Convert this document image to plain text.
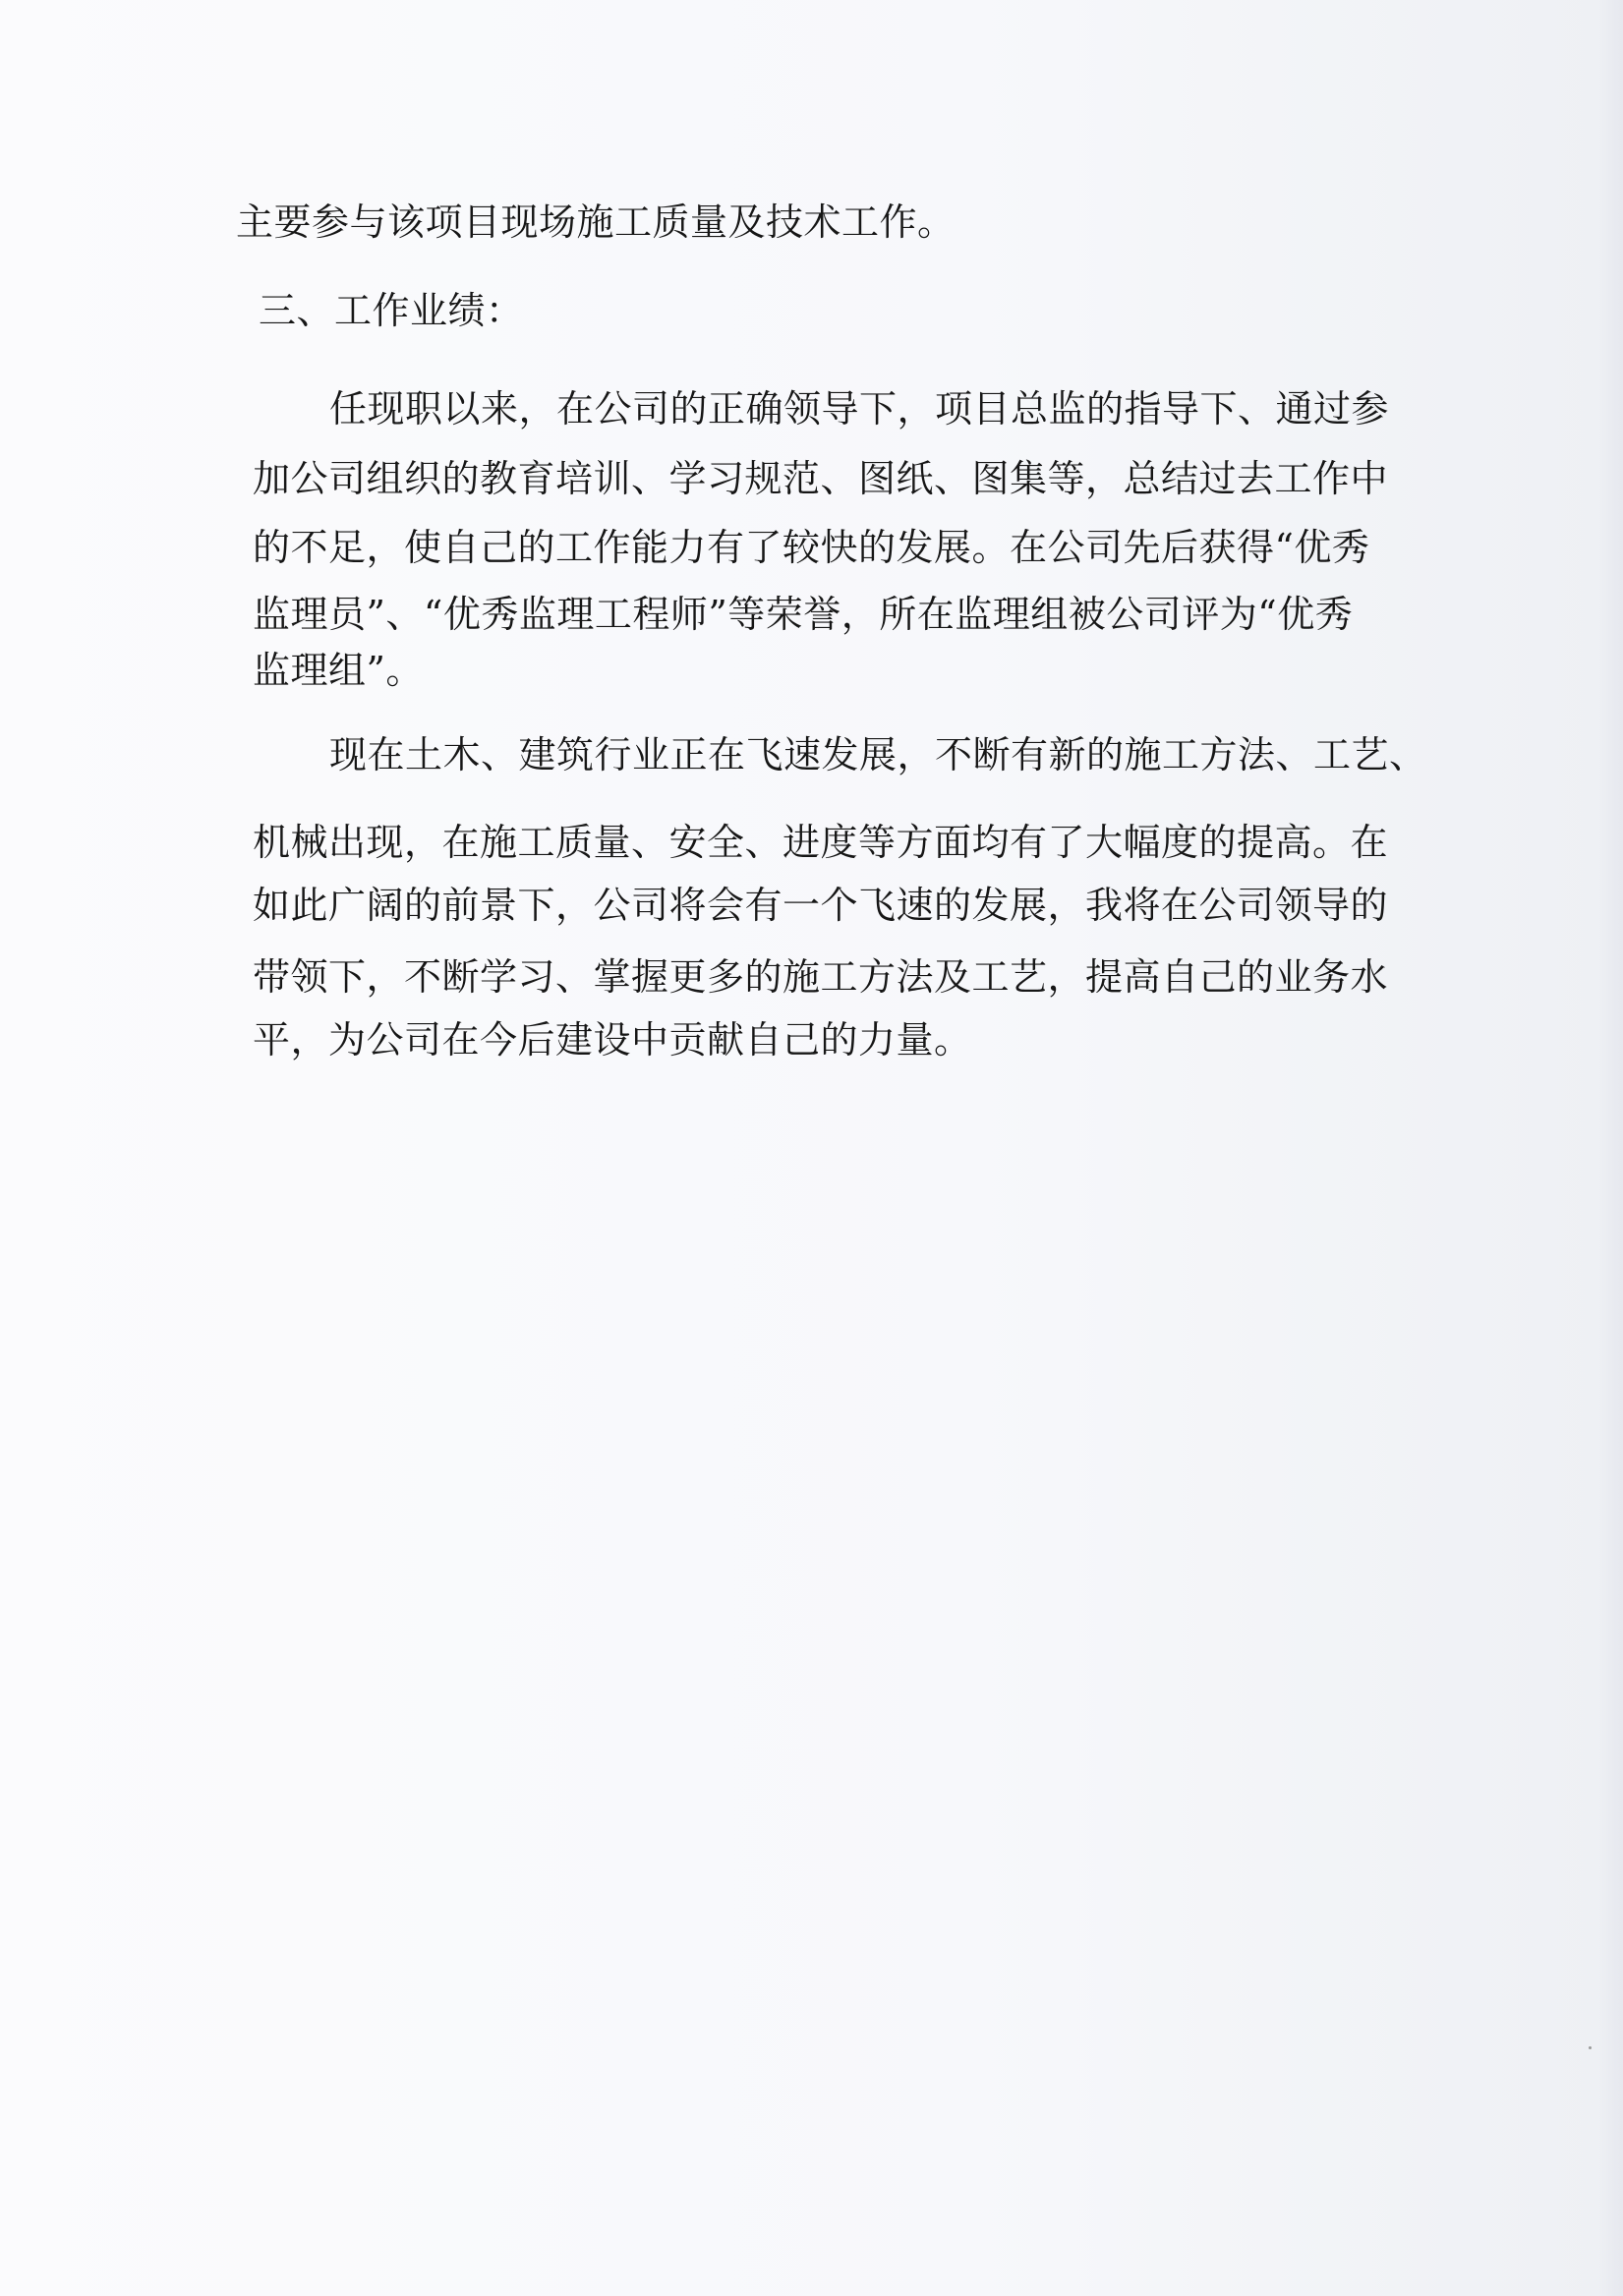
主要参与该项目现场施工质量及技术工作。

三、工作业绩：

任现职以来，在公司的正确领导下，项目总监的指导下、通过参

加公司组织的教育培训、学习规范、图纸、图集等，总结过去工作中

的不足，使自己的工作能力有了较快的发展。在公司先后获得“优秀

监理员”、“优秀监理工程师”等荣誉，所在监理组被公司评为“优秀

监理组”。

现在土木、建筑行业正在飞速发展，不断有新的施工方法、工艺、

机械出现，在施工质量、安全、进度等方面均有了大幅度的提高。在

如此广阔的前景下，公司将会有一个飞速的发展，我将在公司领导的

带领下，不断学习、掌握更多的施工方法及工艺，提高自己的业务水

平，为公司在今后建设中贡献自己的力量。
